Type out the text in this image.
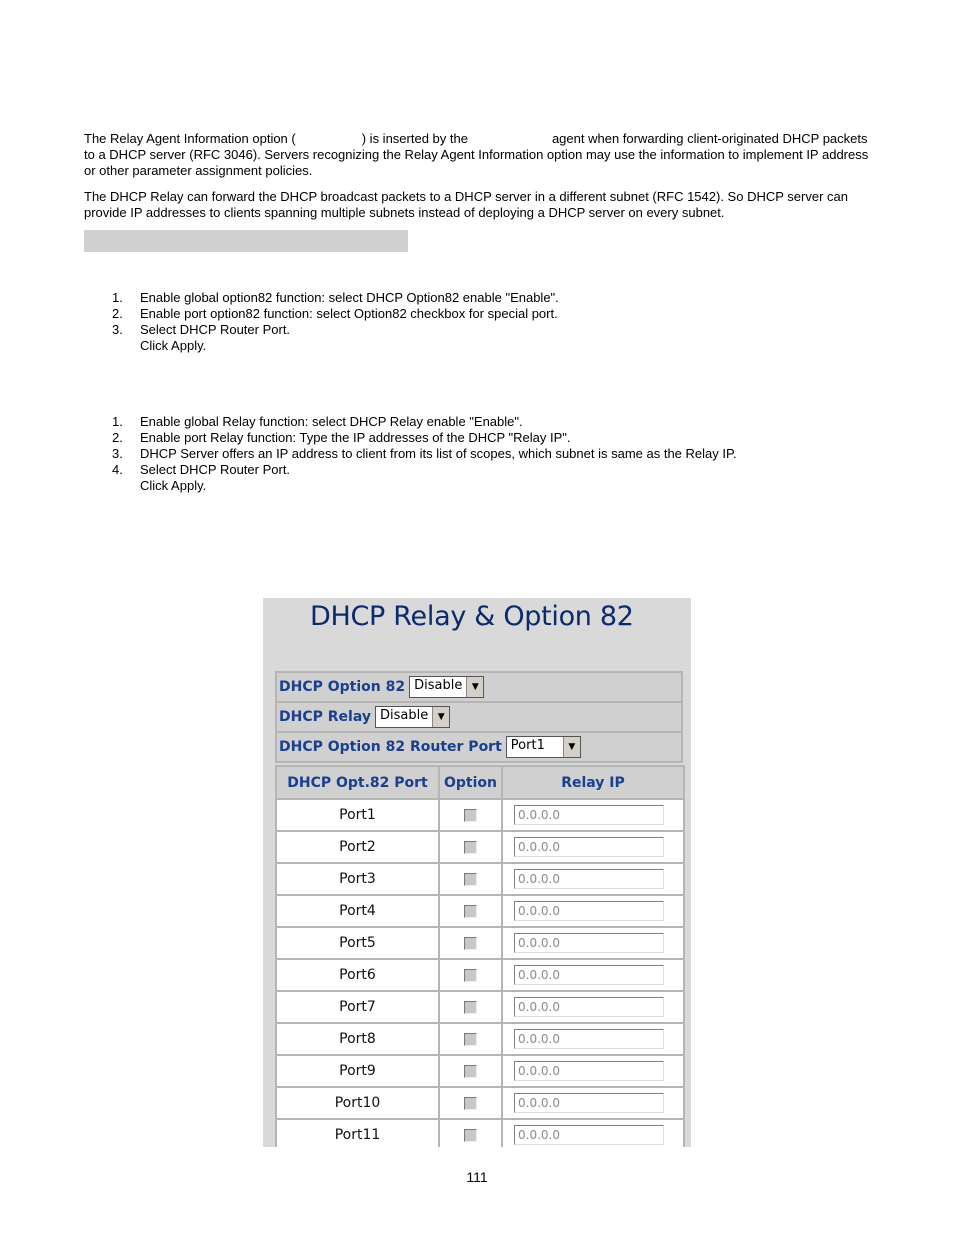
The Relay Agent Information option (	) is inserted by the	agent when forwarding client-originated DHCP packets to a DHCP server (RFC 3046). Servers recognizing the Relay Agent Information option may use the information to implement IP address or other parameter assignment policies.

The DHCP Relay can forward the DHCP broadcast packets to a DHCP server in a different subnet (RFC 1542). So DHCP server can provide IP addresses to clients spanning multiple subnets instead of deploying a DHCP server on every subnet.

1.	Enable global option82 function: select DHCP Option82 enable "Enable".
2.	Enable port option82 function: select Option82 checkbox for special port.
3.	Select DHCP Router Port.
Click Apply.
1.	Enable global Relay function: select DHCP Relay enable "Enable".
2.	Enable port Relay function: Type the IP addresses of the DHCP "Relay IP".
3.	DHCP Server offers an IP address to client from its list of scopes, which subnet is same as the Relay IP.
4.	Select DHCP Router Port.
Click Apply.
DHCP Relay & Option 82
DHCP Option 82 Disable	▼

DHCP Relay Disable	▼

DHCP Option 82 Router Port Port1	▼
DHCP Opt.82 Port	Option	Relay IP
Port1		0.0.0.0
Port2		0.0.0.0
Port3		0.0.0.0
Port4		0.0.0.0
Port5		0.0.0.0
Port6		0.0.0.0
Port7		0.0.0.0
Port8		0.0.0.0
Port9		0.0.0.0
Port10		0.0.0.0
Port11		0.0.0.0
111
